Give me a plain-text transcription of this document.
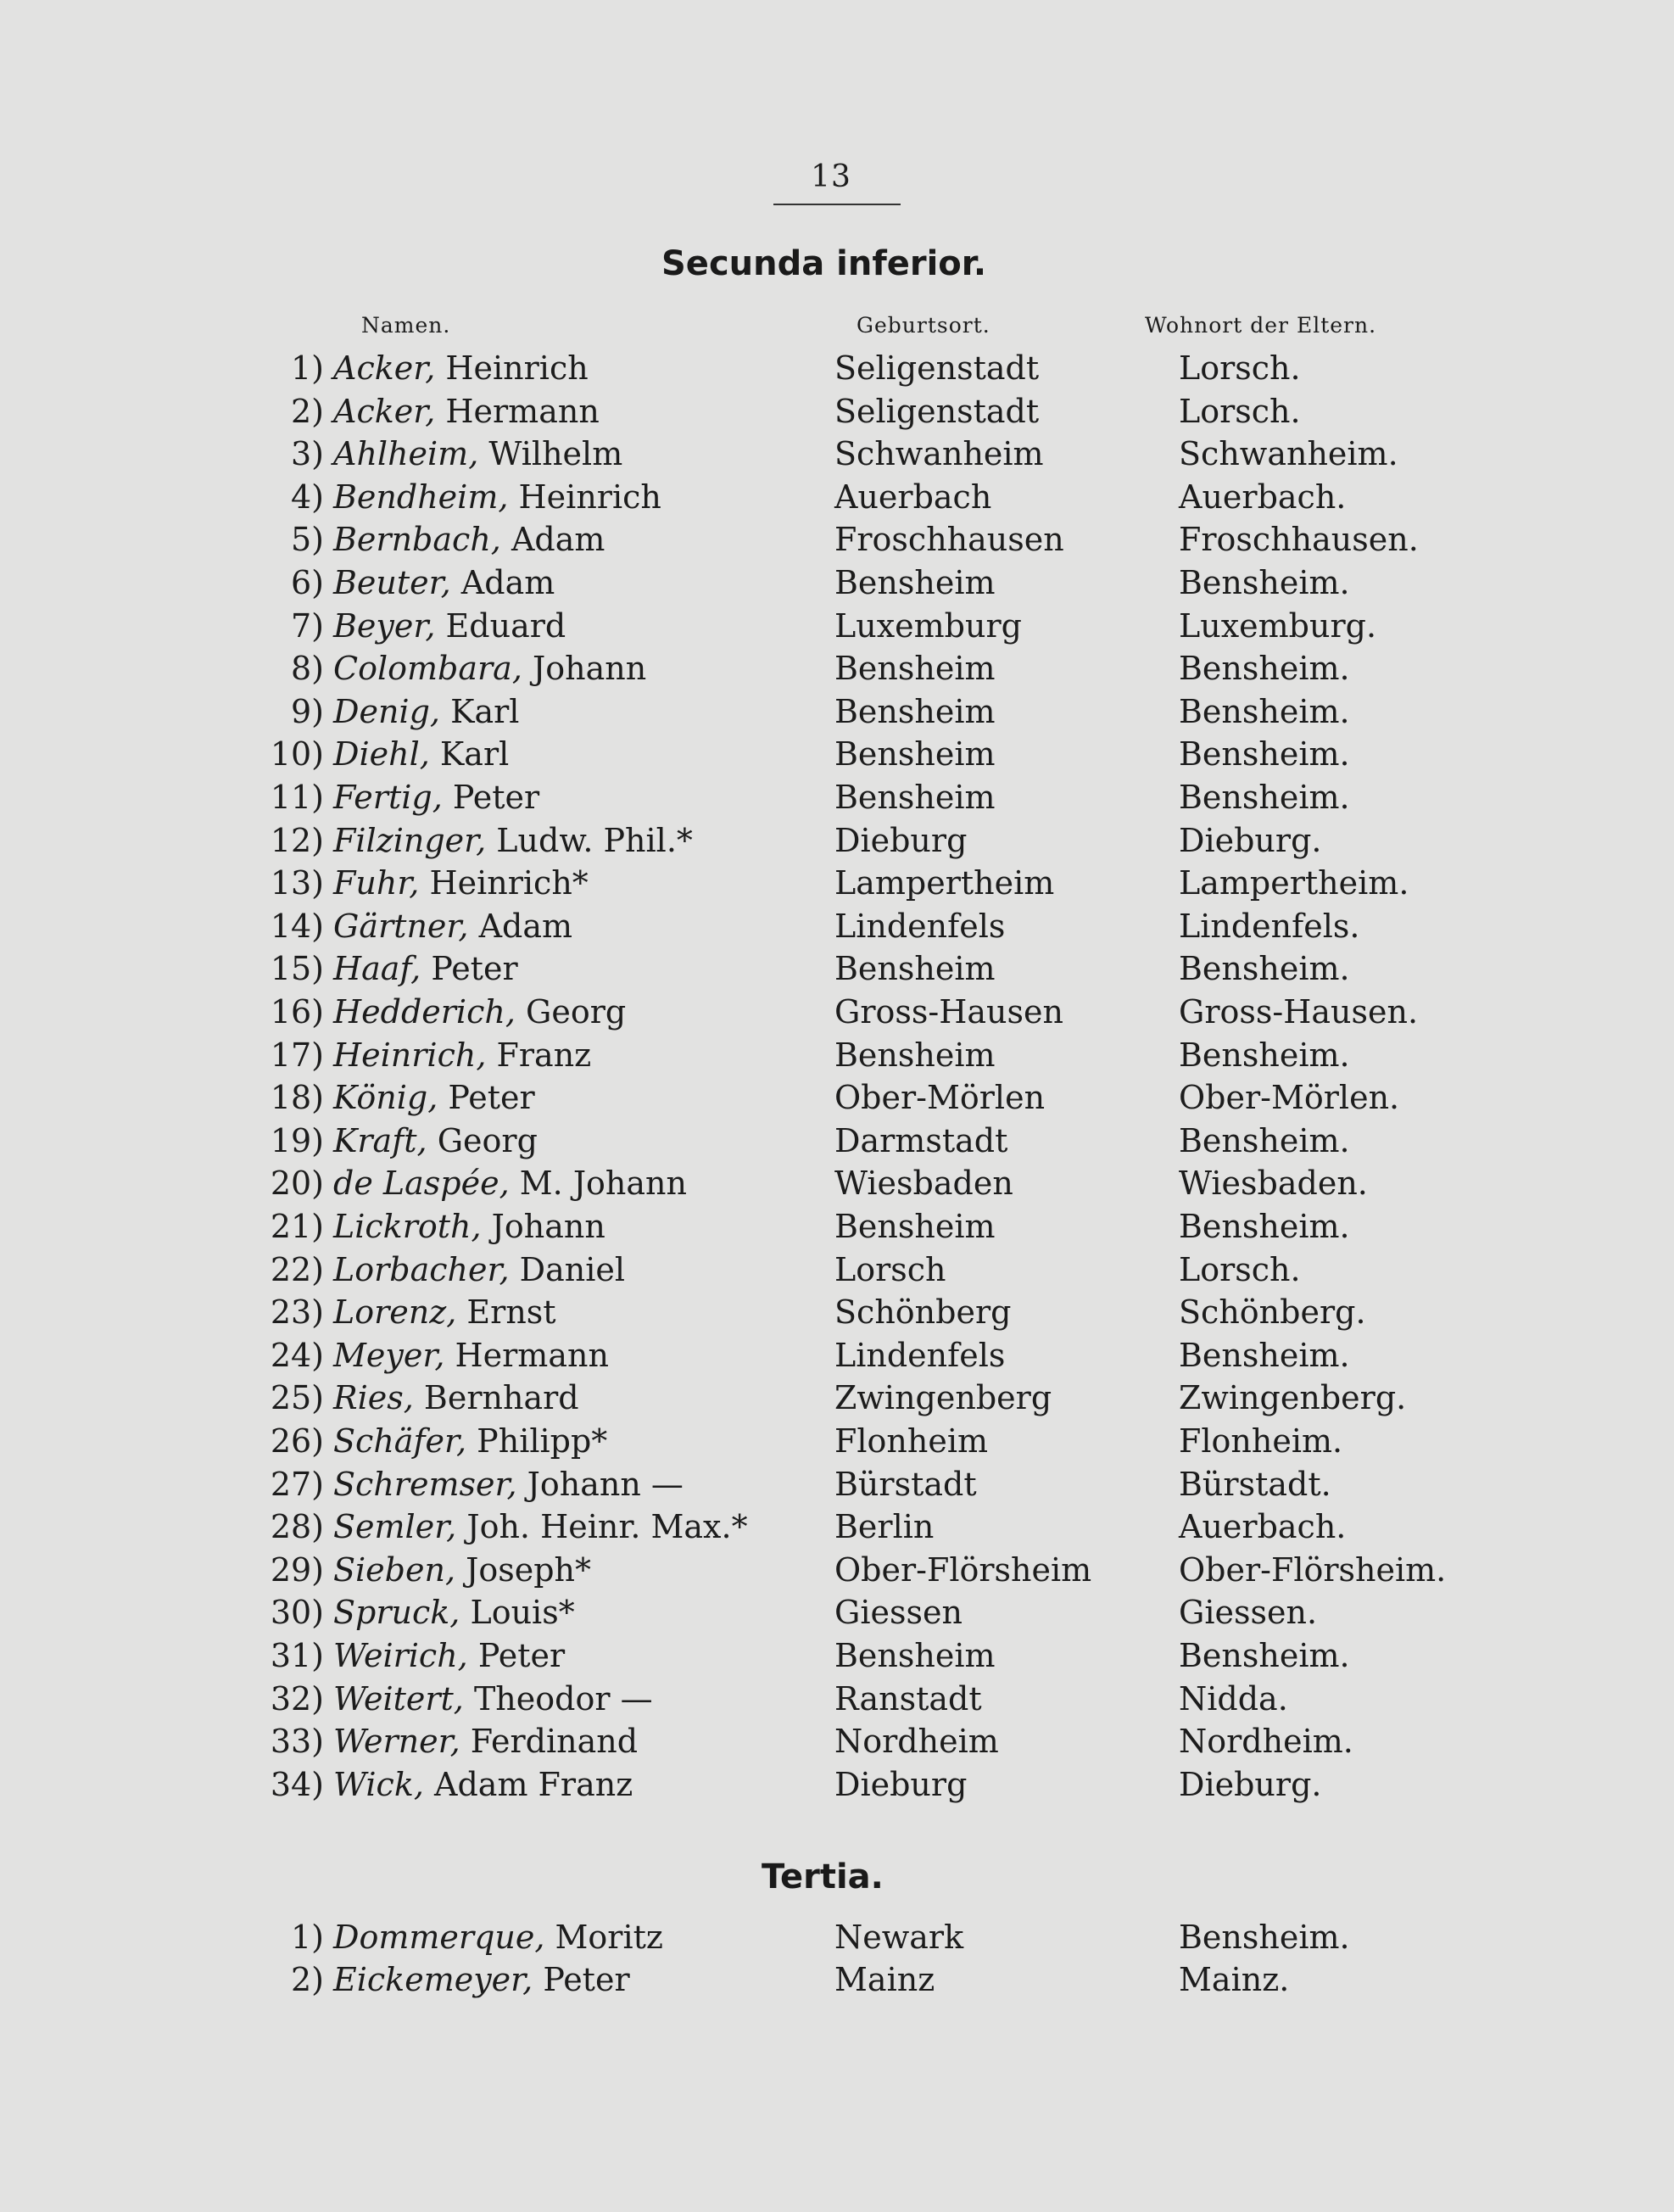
13
Secunda inferior.
Namen.	Geburtsort.	Wohnort der Eltern.
1) Acker, Heinrich	Seligenstadt	Lorsch.
2) Acker, Hermann	Seligenstadt	Lorsch.
3) Ahlheim, Wilhelm	Schwanheim	Schwanheim.
4) Bendheim, Heinrich	Auerbach	Auerbach.
5) Bernbach, Adam	Froschhausen	Froschhausen.
6) Beuter, Adam	Bensheim	Bensheim.
7) Beyer, Eduard	Luxemburg	Luxemburg.
8) Colombara, Johann	Bensheim	Bensheim.
9) Denig, Karl	Bensheim	Bensheim.
10) Diehl, Karl	Bensheim	Bensheim.
11) Fertig, Peter	Bensheim	Bensheim.
12) Filzinger, Ludw. Phil.*	Dieburg	Dieburg.
13) Fuhr, Heinrich*	Lampertheim	Lampertheim.
14) Gärtner, Adam	Lindenfels	Lindenfels.
15) Haaf, Peter	Bensheim	Bensheim.
16) Hedderich, Georg	Gross-Hausen	Gross-Hausen.
17) Heinrich, Franz	Bensheim	Bensheim.
18) König, Peter	Ober-Mörlen	Ober-Mörlen.
19) Kraft, Georg	Darmstadt	Bensheim.
20) de Laspée, M. Johann	Wiesbaden	Wiesbaden.
21) Lickroth, Johann	Bensheim	Bensheim.
22) Lorbacher, Daniel	Lorsch	Lorsch.
23) Lorenz, Ernst	Schönberg	Schönberg.
24) Meyer, Hermann	Lindenfels	Bensheim.
25) Ries, Bernhard	Zwingenberg	Zwingenberg.
26) Schäfer, Philipp*	Flonheim	Flonheim.
27) Schremser, Johann —	Bürstadt	Bürstadt.
28) Semler, Joh. Heinr. Max.*	Berlin	Auerbach.
29) Sieben, Joseph*	Ober-Flörsheim	Ober-Flörsheim.
30) Spruck, Louis*	Giessen	Giessen.
31) Weirich, Peter	Bensheim	Bensheim.
32) Weitert, Theodor —	Ranstadt	Nidda.
33) Werner, Ferdinand	Nordheim	Nordheim.
34) Wick, Adam Franz	Dieburg	Dieburg.
Tertia.
1) Dommerque, Moritz	Newark	Bensheim.
2) Eickemeyer, Peter	Mainz	Mainz.
